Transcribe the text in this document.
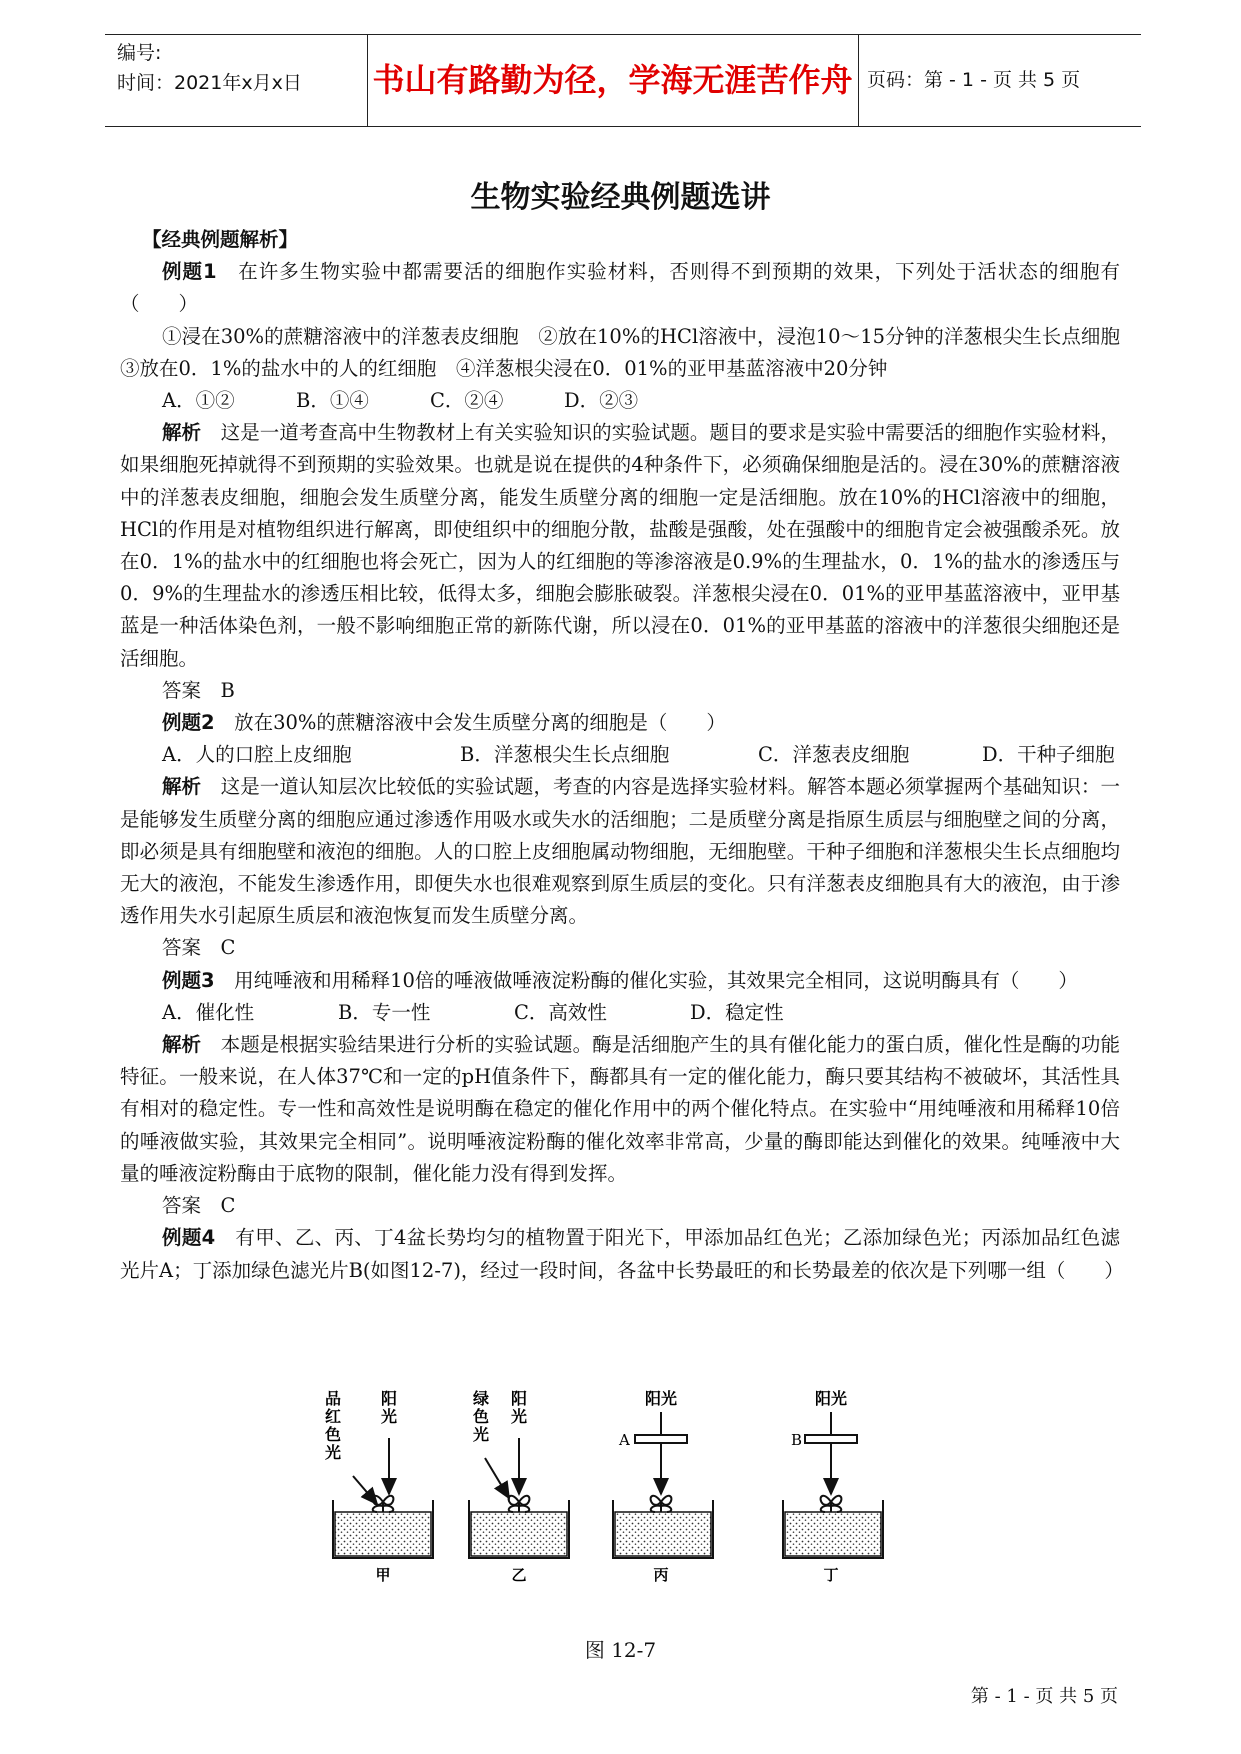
编号:
时间：2021年x月x日 书山有路勤为径，学海无涯苦作舟 页码：第 - 1 - 页 共 5 页
生物实验经典例题选讲

【经典例题解析】

例题1　在许多生物实验中都需要活的细胞作实验材料，否则得不到预期的效果，下列处于活状态的细胞有（　　）

①浸在30%的蔗糖溶液中的洋葱表皮细胞　②放在10%的HCl溶液中，浸泡10～15分钟的洋葱根尖生长点细胞　③放在0．1%的盐水中的人的红细胞　④洋葱根尖浸在0．01%的亚甲基蓝溶液中20分钟

A．①②	B．①④	C．②④	D．②③

解析　这是一道考查高中生物教材上有关实验知识的实验试题。题目的要求是实验中需要活的细胞作实验材料，如果细胞死掉就得不到预期的实验效果。也就是说在提供的4种条件下，必须确保细胞是活的。浸在30%的蔗糖溶液中的洋葱表皮细胞，细胞会发生质壁分离，能发生质壁分离的细胞一定是活细胞。放在10%的HCl溶液中的细胞，HCl的作用是对植物组织进行解离，即使组织中的细胞分散，盐酸是强酸，处在强酸中的细胞肯定会被强酸杀死。放在0．1%的盐水中的红细胞也将会死亡，因为人的红细胞的等渗溶液是0.9%的生理盐水，0．1%的盐水的渗透压与0．9%的生理盐水的渗透压相比较，低得太多，细胞会膨胀破裂。洋葱根尖浸在0．01%的亚甲基蓝溶液中，亚甲基蓝是一种活体染色剂，一般不影响细胞正常的新陈代谢，所以浸在0．01%的亚甲基蓝的溶液中的洋葱很尖细胞还是活细胞。

答案　B

例题2　放在30%的蔗糖溶液中会发生质壁分离的细胞是（　　）

A．人的口腔上皮细胞	B．洋葱根尖生长点细胞	C．洋葱表皮细胞	D．干种子细胞

解析　这是一道认知层次比较低的实验试题，考查的内容是选择实验材料。解答本题必须掌握两个基础知识：一是能够发生质壁分离的细胞应通过渗透作用吸水或失水的活细胞；二是质壁分离是指原生质层与细胞壁之间的分离，即必须是具有细胞壁和液泡的细胞。人的口腔上皮细胞属动物细胞，无细胞壁。干种子细胞和洋葱根尖生长点细胞均无大的液泡，不能发生渗透作用，即便失水也很难观察到原生质层的变化。只有洋葱表皮细胞具有大的液泡，由于渗透作用失水引起原生质层和液泡恢复而发生质壁分离。

答案　C

例题3　用纯唾液和用稀释10倍的唾液做唾液淀粉酶的催化实验，其效果完全相同，这说明酶具有（　　）

A．催化性	B．专一性	C．高效性	D．稳定性

解析　本题是根据实验结果进行分析的实验试题。酶是活细胞产生的具有催化能力的蛋白质，催化性是酶的功能特征。一般来说，在人体37℃和一定的pH值条件下，酶都具有一定的催化能力，酶只要其结构不被破坏，其活性具有相对的稳定性。专一性和高效性是说明酶在稳定的催化作用中的两个催化特点。在实验中“用纯唾液和用稀释10倍的唾液做实验，其效果完全相同”。说明唾液淀粉酶的催化效率非常高，少量的酶即能达到催化的效果。纯唾液中大量的唾液淀粉酶由于底物的限制，催化能力没有得到发挥。

答案　C

例题4　有甲、乙、丙、丁4盆长势均匀的植物置于阳光下，甲添加品红色光；乙添加绿色光；丙添加品红色滤光片A；丁添加绿色滤光片B(如图12-7)，经过一段时间，各盆中长势最旺的和长势最差的依次是下列哪一组（　　）

品红色光
阳光
甲
绿色光
阳光
乙
阳光
A
丙
阳光
B
丁
图 12-7
第 - 1 - 页 共 5 页
